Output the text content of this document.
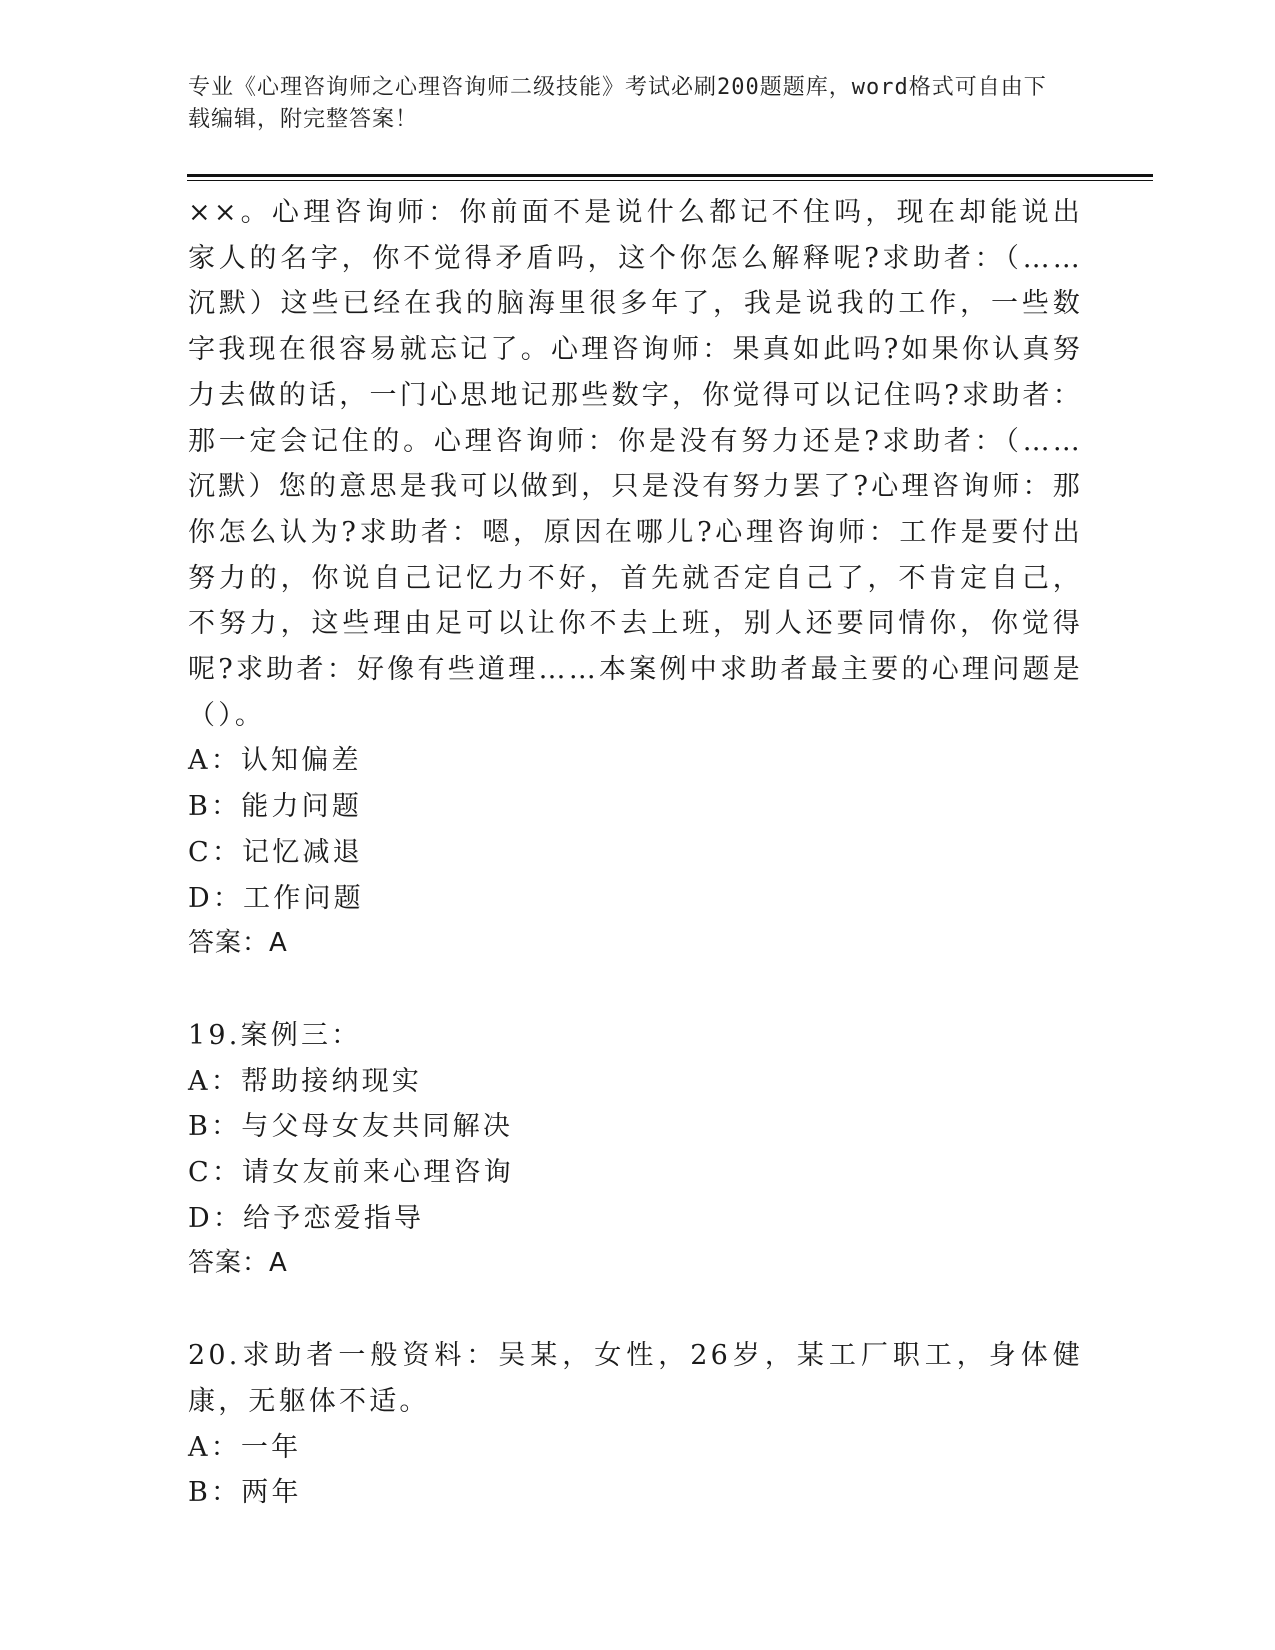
专业《心理咨询师之心理咨询师二级技能》考试必刷200题题库，word格式可自由下载编辑，附完整答案！

××。心理咨询师：你前面不是说什么都记不住吗，现在却能说出家人的名字，你不觉得矛盾吗，这个你怎么解释呢?求助者：（……沉默）这些已经在我的脑海里很多年了，我是说我的工作，一些数字我现在很容易就忘记了。心理咨询师：果真如此吗?如果你认真努力去做的话，一门心思地记那些数字，你觉得可以记住吗?求助者：那一定会记住的。心理咨询师：你是没有努力还是?求助者：（……沉默）您的意思是我可以做到，只是没有努力罢了?心理咨询师：那你怎么认为?求助者：嗯，原因在哪儿?心理咨询师：工作是要付出努力的，你说自己记忆力不好，首先就否定自己了，不肯定自己，不努力，这些理由足可以让你不去上班，别人还要同情你，你觉得呢?求助者：好像有些道理……本案例中求助者最主要的心理问题是（）。

A：认知偏差

B：能力问题

C：记忆减退

D：工作问题

答案：A

19.案例三：

A：帮助接纳现实

B：与父母女友共同解决

C：请女友前来心理咨询

D：给予恋爱指导

答案：A

20.求助者一般资料：吴某，女性，26岁，某工厂职工，身体健康，无躯体不适。

A：一年

B：两年
